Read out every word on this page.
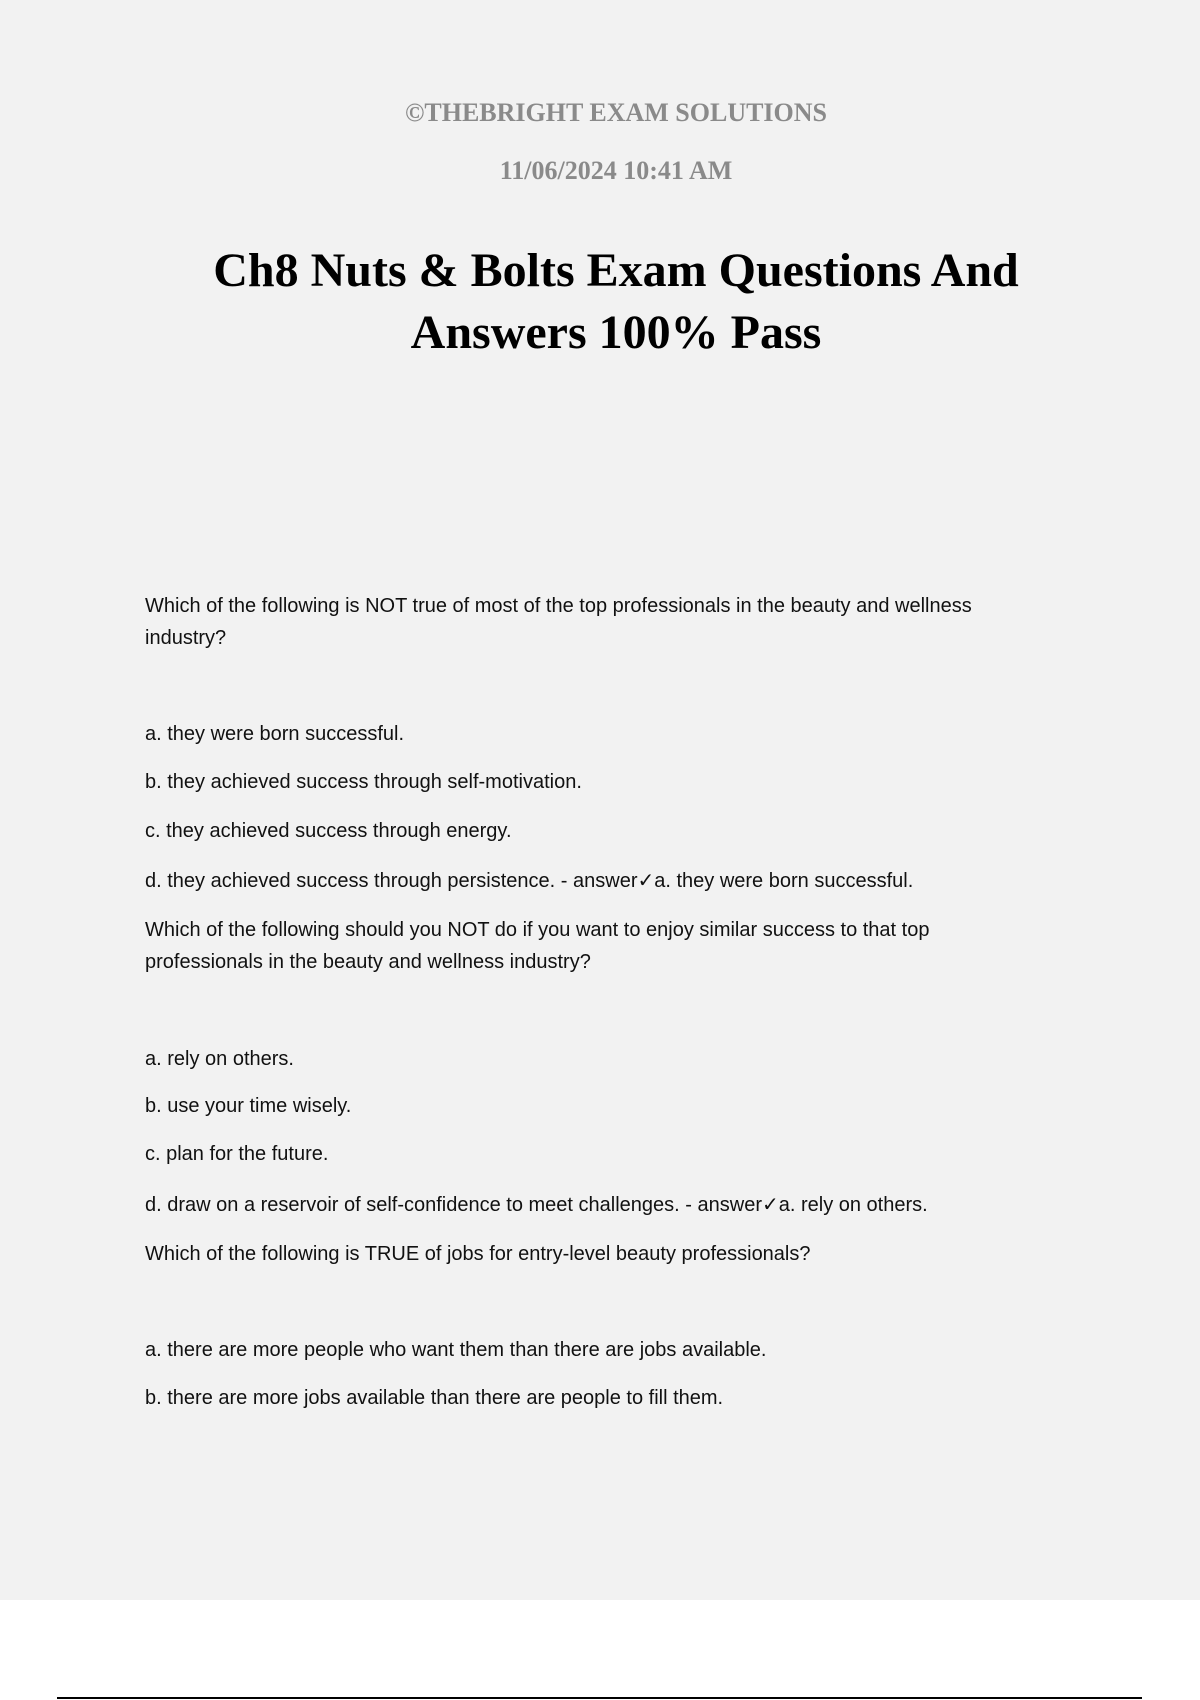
©THEBRIGHT EXAM SOLUTIONS
11/06/2024 10:41 AM
Ch8 Nuts & Bolts Exam Questions And
Answers 100% Pass
Which of the following is NOT true of most of the top professionals in the beauty and wellness
industry?
a. they were born successful.
b. they achieved success through self-motivation.
c. they achieved success through energy.
d. they achieved success through persistence. - answer✓a. they were born successful.
Which of the following should you NOT do if you want to enjoy similar success to that top
professionals in the beauty and wellness industry?
a. rely on others.
b. use your time wisely.
c. plan for the future.
d. draw on a reservoir of self-confidence to meet challenges. - answer✓a. rely on others.
Which of the following is TRUE of jobs for entry-level beauty professionals?
a. there are more people who want them than there are jobs available.
b. there are more jobs available than there are people to fill them.
